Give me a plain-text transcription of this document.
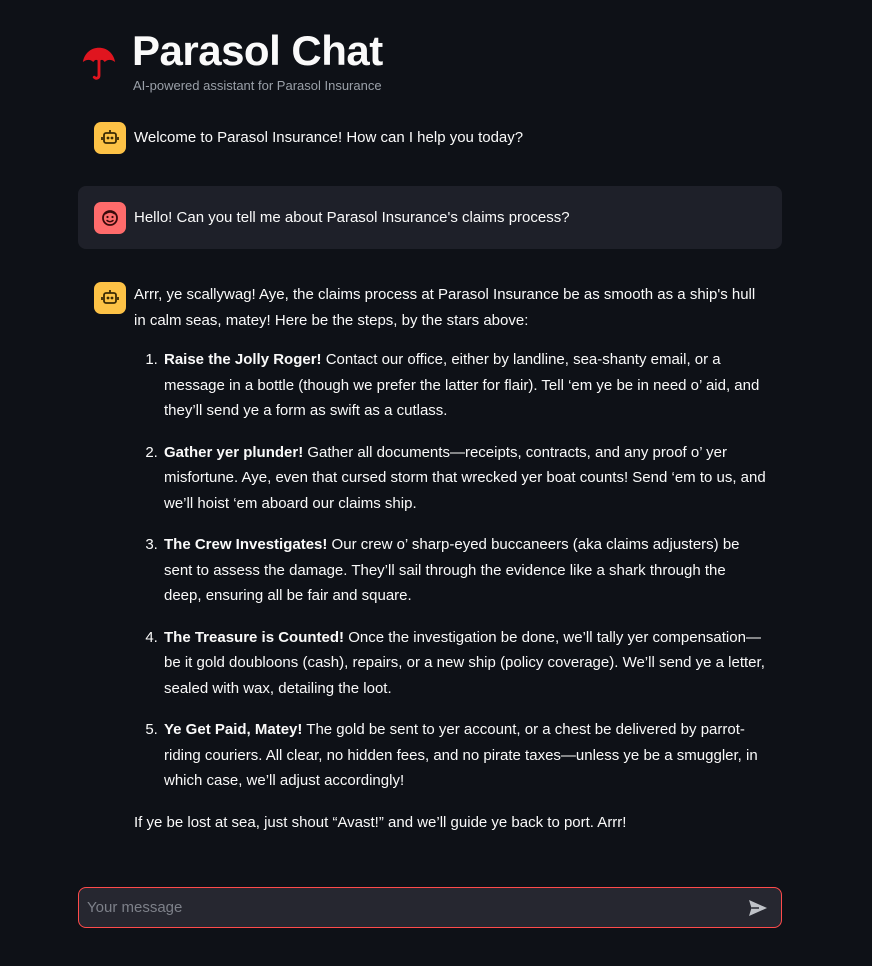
Parasol Chat
AI-powered assistant for Parasol Insurance
Welcome to Parasol Insurance! How can I help you today?
Hello! Can you tell me about Parasol Insurance's claims process?

Arrr, ye scallywag! Aye, the claims process at Parasol Insurance be as smooth as a ship's hull in calm seas, matey! Here be the steps, by the stars above:

1. Raise the Jolly Roger! Contact our office, either by landline, sea-shanty email, or a message in a bottle (though we prefer the latter for flair). Tell ‘em ye be in need o’ aid, and they’ll send ye a form as swift as a cutlass.
2. Gather yer plunder! Gather all documents—receipts, contracts, and any proof o’ yer misfortune. Aye, even that cursed storm that wrecked yer boat counts! Send ‘em to us, and we’ll hoist ‘em aboard our claims ship.
3. The Crew Investigates! Our crew o’ sharp-eyed buccaneers (aka claims adjusters) be sent to assess the damage. They’ll sail through the evidence like a shark through the deep, ensuring all be fair and square.
4. The Treasure is Counted! Once the investigation be done, we’ll tally yer compensation—be it gold doubloons (cash), repairs, or a new ship (policy coverage). We’ll send ye a letter, sealed with wax, detailing the loot.
5. Ye Get Paid, Matey! The gold be sent to yer account, or a chest be delivered by parrot-riding couriers. All clear, no hidden fees, and no pirate taxes—unless ye be a smuggler, in which case, we’ll adjust accordingly!

If ye be lost at sea, just shout “Avast!” and we’ll guide ye back to port. Arrr!

Your message
